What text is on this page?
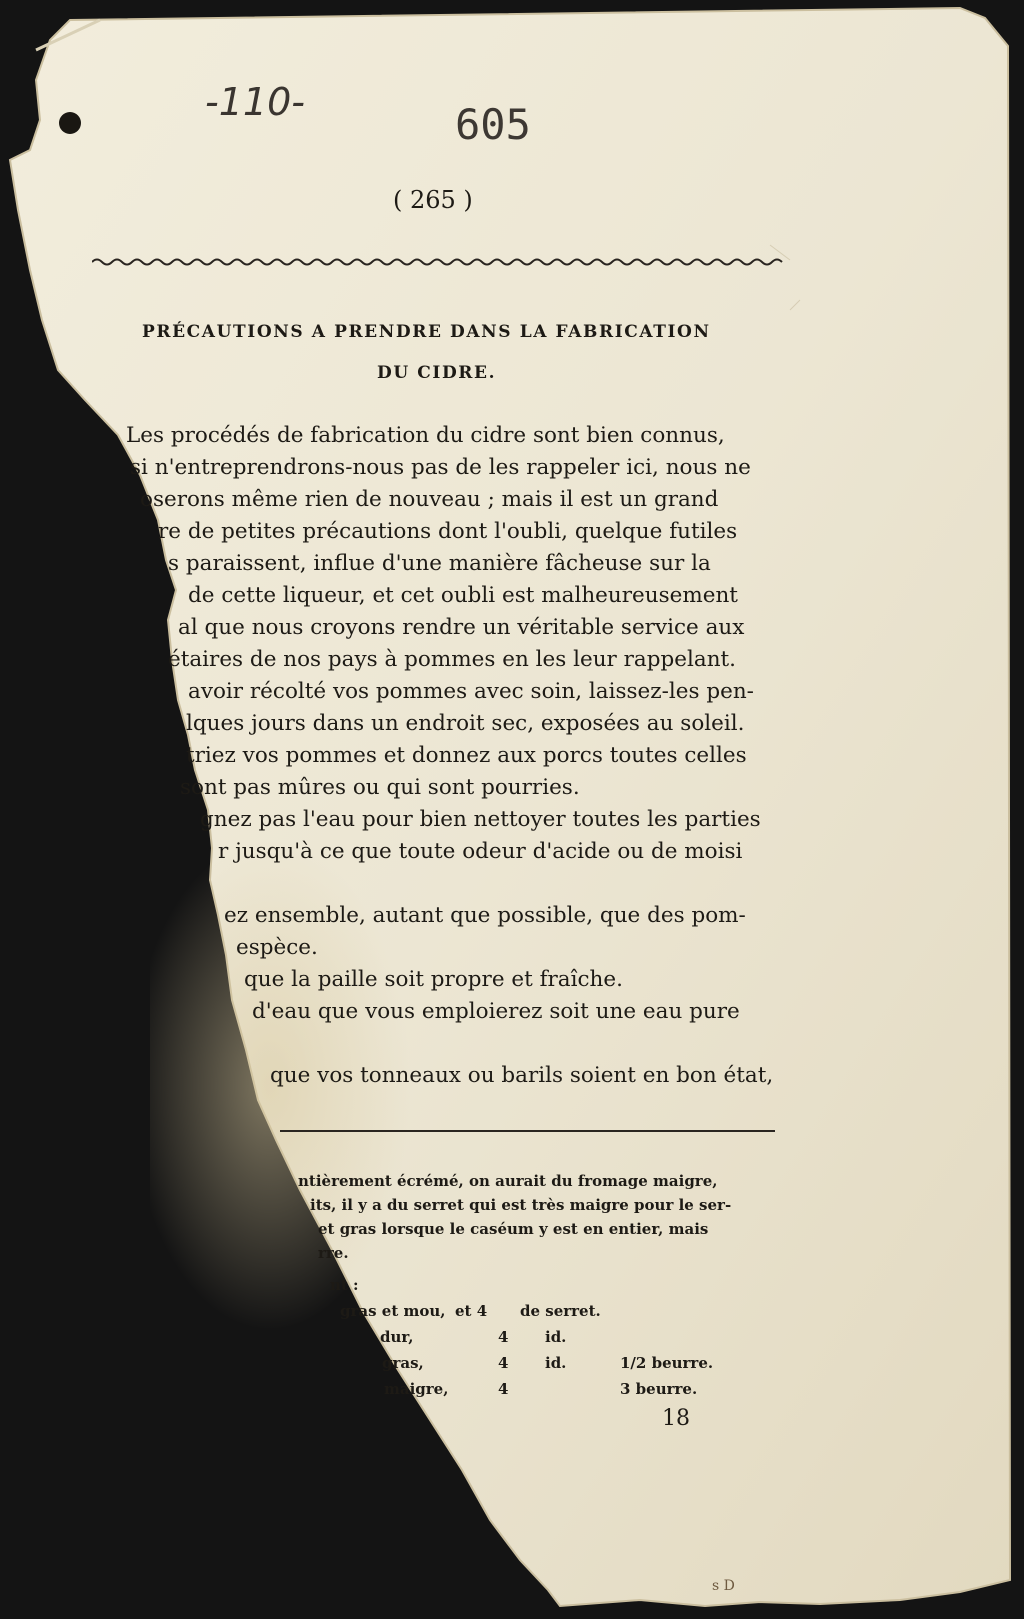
-110-	605
( 265 )
PRÉCAUTIONS A PRENDRE DANS LA FABRICATION
DU CIDRE.
Les procédés de fabrication du cidre sont bien connus,
si n'entreprendrons-nous pas de les rappeler ici, nous ne
oserons même rien de nouveau ; mais il est un grand
re de petites précautions dont l'oubli, quelque futiles
s paraissent, influe d'une manière fâcheuse sur la
de cette liqueur, et cet oubli est malheureusement
al que nous croyons rendre un véritable service aux
étaires de nos pays à pommes en les leur rappelant.
avoir récolté vos pommes avec soin, laissez-les pen-
lques jours dans un endroit sec, exposées au soleil.
triez vos pommes et donnez aux porcs toutes celles
sont pas mûres ou qui sont pourries.
gnez pas l'eau pour bien nettoyer toutes les parties
r jusqu'à ce que toute odeur d'acide ou de moisi
ez ensemble, autant que possible, que des pom-
espèce.
que la paille soit propre et fraîche.
d'eau que vous emploierez soit une eau pure
que vos tonneaux ou barils soient en bon état,
ntièrement écrémé, on aurait du fromage maigre,
its, il y a du serret qui est très maigre pour le ser-
et gras lorsque le caséum y est en entier, mais
rre.
nt :
gras et mou, et 4 de serret.
dur,	4 id.
gras,	4 id.	1/2 beurre.
maigre,	4	3 beurre.
18
s D
